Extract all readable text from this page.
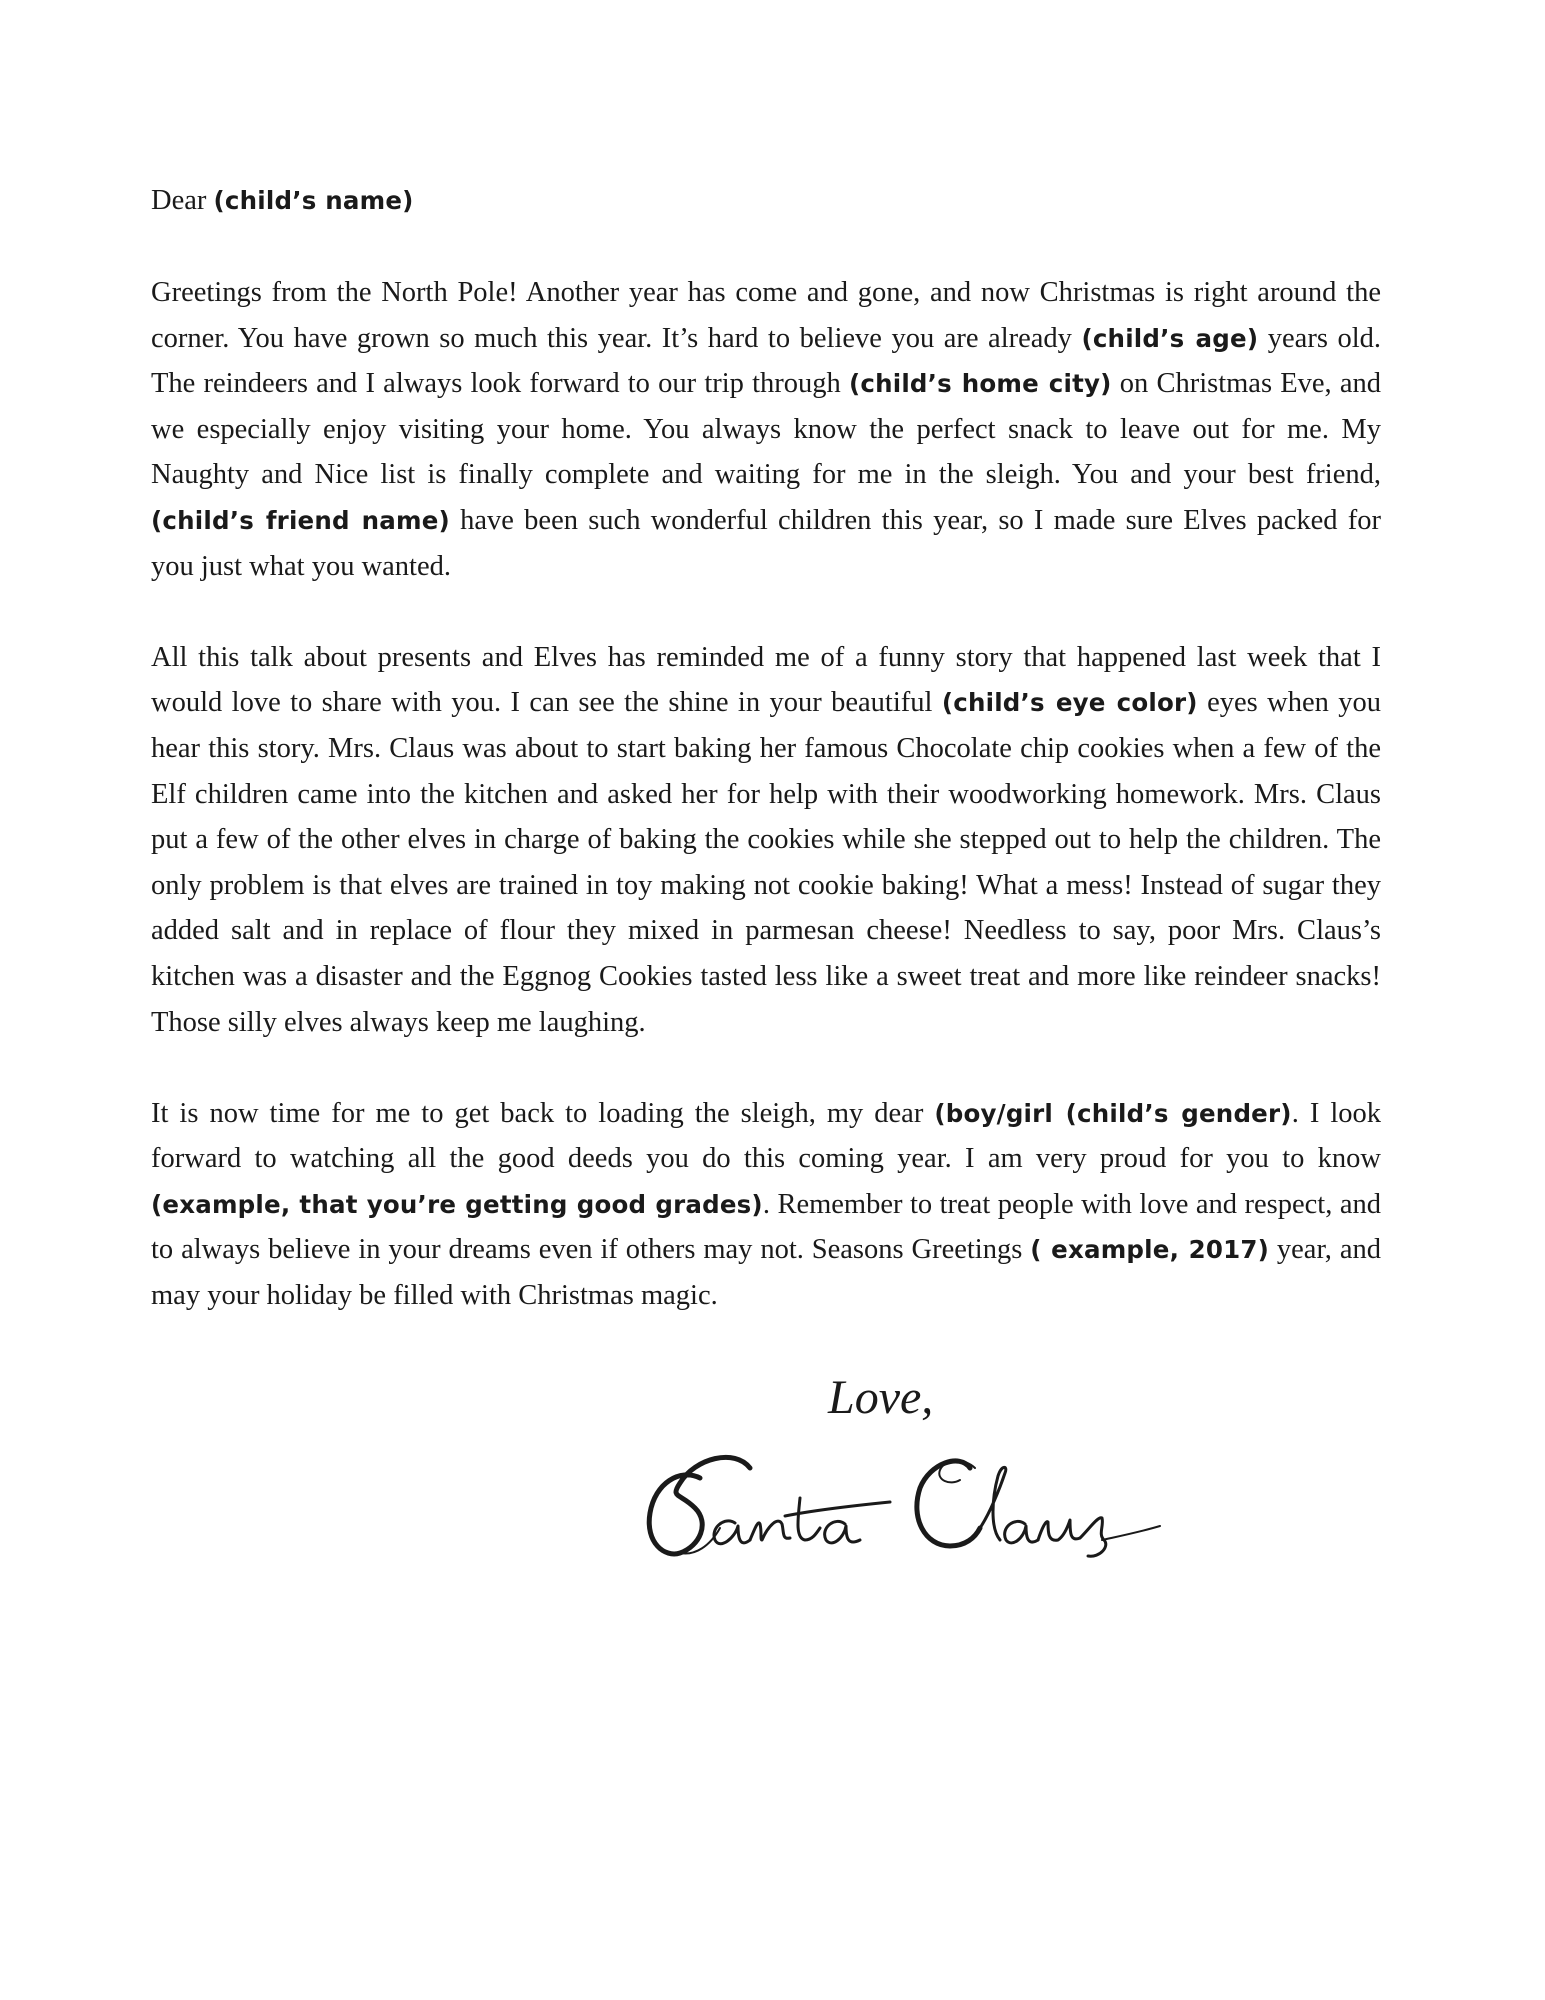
Dear (child’s name)

Greetings from the North Pole! Another year has come and gone, and now Christmas is right around the corner. You have grown so much this year. It’s hard to believe you are already (child’s age) years old. The reindeers and I always look forward to our trip through (child’s home city) on Christmas Eve, and we especially enjoy visiting your home. You always know the perfect snack to leave out for me. My Naughty and Nice list is finally complete and waiting for me in the sleigh. You and your best friend, (child’s friend name) have been such wonderful children this year, so I made sure Elves packed for you just what you wanted.

All this talk about presents and Elves has reminded me of a funny story that happened last week that I would love to share with you. I can see the shine in your beautiful (child’s eye color) eyes when you hear this story. Mrs. Claus was about to start baking her famous Chocolate chip cookies when a few of the Elf children came into the kitchen and asked her for help with their woodworking homework. Mrs. Claus put a few of the other elves in charge of baking the cookies while she stepped out to help the children. The only problem is that elves are trained in toy making not cookie baking! What a mess! Instead of sugar they added salt and in replace of flour they mixed in parmesan cheese! Needless to say, poor Mrs. Claus’s kitchen was a disaster and the Eggnog Cookies tasted less like a sweet treat and more like reindeer snacks! Those silly elves always keep me laughing.

It is now time for me to get back to loading the sleigh, my dear (boy/girl (child’s gender). I look forward to watching all the good deeds you do this coming year. I am very proud for you to know (example, that you’re getting good grades). Remember to treat people with love and respect, and to always believe in your dreams even if others may not. Seasons Greetings ( example, 2017) year, and may your holiday be filled with Christmas magic.

Love,
